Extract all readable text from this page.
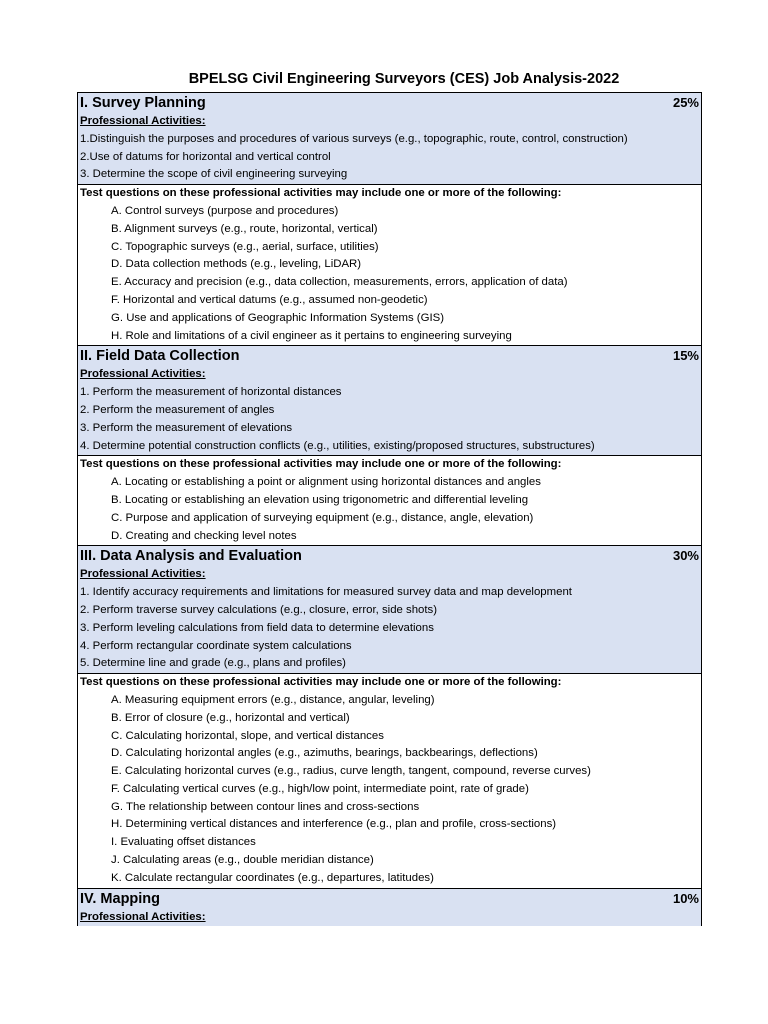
BPELSG Civil Engineering Surveyors (CES) Job Analysis-2022
I. Survey Planning	25%
Professional Activities:
1.Distinguish the purposes and procedures of various surveys (e.g., topographic, route, control, construction)
2.Use of datums for horizontal and vertical control
3. Determine the scope of civil engineering surveying
Test questions on these professional activities may include one or more of the following:
A. Control surveys (purpose and procedures)
B. Alignment surveys (e.g., route, horizontal, vertical)
C. Topographic surveys (e.g., aerial, surface, utilities)
D. Data collection methods (e.g., leveling, LiDAR)
E. Accuracy and precision (e.g., data collection, measurements, errors, application of data)
F. Horizontal and vertical datums (e.g., assumed non-geodetic)
G. Use and applications of Geographic Information Systems (GIS)
H. Role and limitations of a civil engineer as it pertains to engineering surveying
II. Field Data Collection	15%
Professional Activities:
1. Perform the measurement of horizontal distances
2. Perform the measurement of angles
3. Perform the measurement of elevations
4. Determine potential construction conflicts (e.g., utilities, existing/proposed structures, substructures)
Test questions on these professional activities may include one or more of the following:
A. Locating or establishing a point or alignment using horizontal distances and angles
B. Locating or establishing an elevation using trigonometric and differential leveling
C. Purpose and application of surveying equipment (e.g., distance, angle, elevation)
D. Creating and checking level notes
III. Data Analysis and Evaluation	30%
Professional Activities:
1. Identify accuracy requirements and limitations for measured survey data and map development
2. Perform traverse survey calculations (e.g., closure, error, side shots)
3. Perform leveling calculations from field data to determine elevations
4. Perform rectangular coordinate system calculations
5. Determine line and grade (e.g., plans and profiles)
Test questions on these professional activities may include one or more of the following:
A. Measuring equipment errors (e.g., distance, angular, leveling)
B. Error of closure (e.g., horizontal and vertical)
C. Calculating horizontal, slope, and vertical distances
D. Calculating horizontal angles (e.g., azimuths, bearings, backbearings, deflections)
E. Calculating horizontal curves (e.g., radius, curve length, tangent, compound, reverse curves)
F. Calculating vertical curves (e.g., high/low point, intermediate point, rate of grade)
G. The relationship between contour lines and cross-sections
H. Determining vertical distances and interference (e.g., plan and profile, cross-sections)
I. Evaluating offset distances
J. Calculating areas (e.g., double meridian distance)
K. Calculate rectangular coordinates (e.g., departures, latitudes)
IV. Mapping	10%
Professional Activities:
